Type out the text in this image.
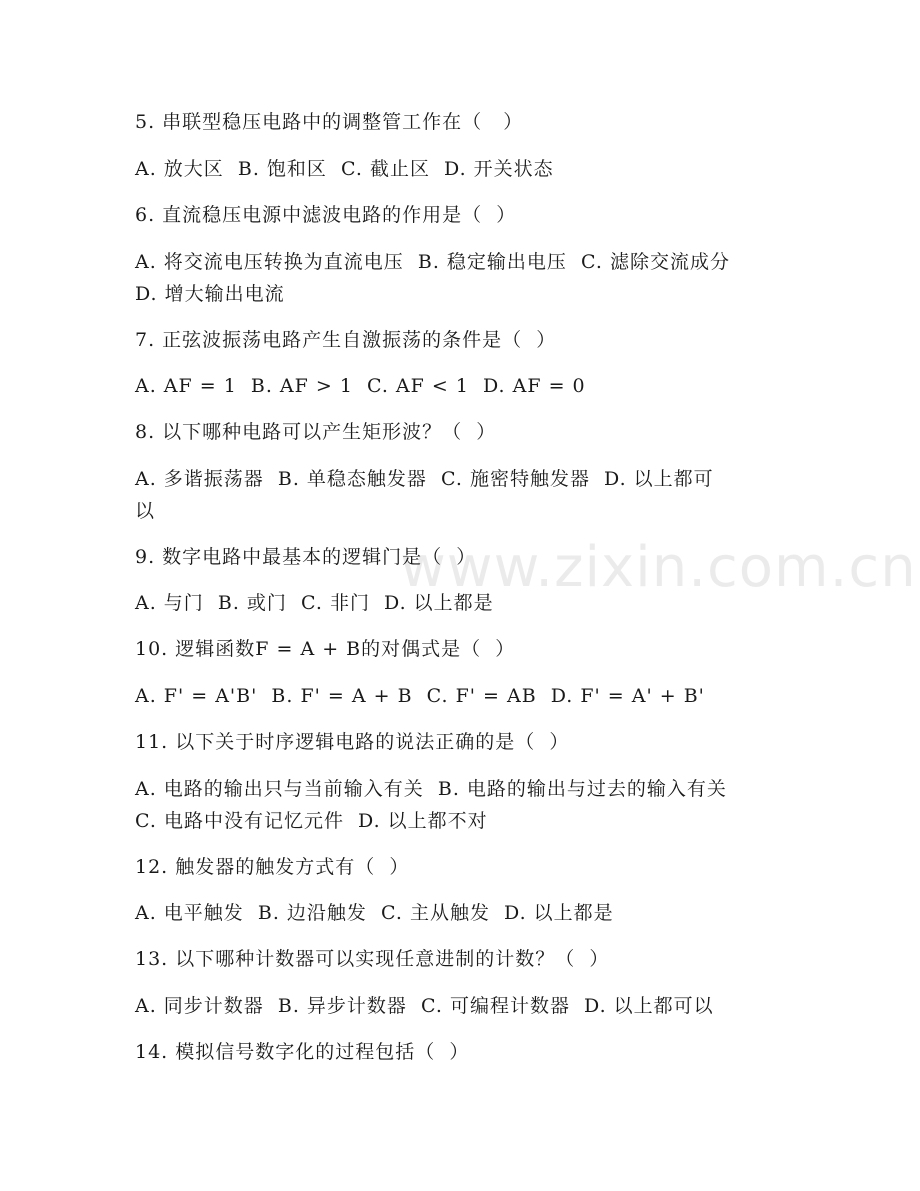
5. 串联型稳压电路中的调整管工作在（   ）
A. 放大区  B. 饱和区  C. 截止区  D. 开关状态
6. 直流稳压电源中滤波电路的作用是（  ）
A. 将交流电压转换为直流电压  B. 稳定输出电压  C. 滤除交流成分
D. 增大输出电流
7. 正弦波振荡电路产生自激振荡的条件是（  ）
A. AF = 1  B. AF > 1  C. AF < 1  D. AF = 0
8. 以下哪种电路可以产生矩形波？（  ）
A. 多谐振荡器  B. 单稳态触发器  C. 施密特触发器  D. 以上都可
以
9. 数字电路中最基本的逻辑门是（  ）
A. 与门  B. 或门  C. 非门  D. 以上都是
10. 逻辑函数F = A + B的对偶式是（  ）
A. F' = A'B'  B. F' = A + B  C. F' = AB  D. F' = A' + B'
11. 以下关于时序逻辑电路的说法正确的是（  ）
A. 电路的输出只与当前输入有关  B. 电路的输出与过去的输入有关
C. 电路中没有记忆元件  D. 以上都不对
12. 触发器的触发方式有（  ）
A. 电平触发  B. 边沿触发  C. 主从触发  D. 以上都是
13. 以下哪种计数器可以实现任意进制的计数？（  ）
A. 同步计数器  B. 异步计数器  C. 可编程计数器  D. 以上都可以
14. 模拟信号数字化的过程包括（  ）
www.zixin.com.cn
